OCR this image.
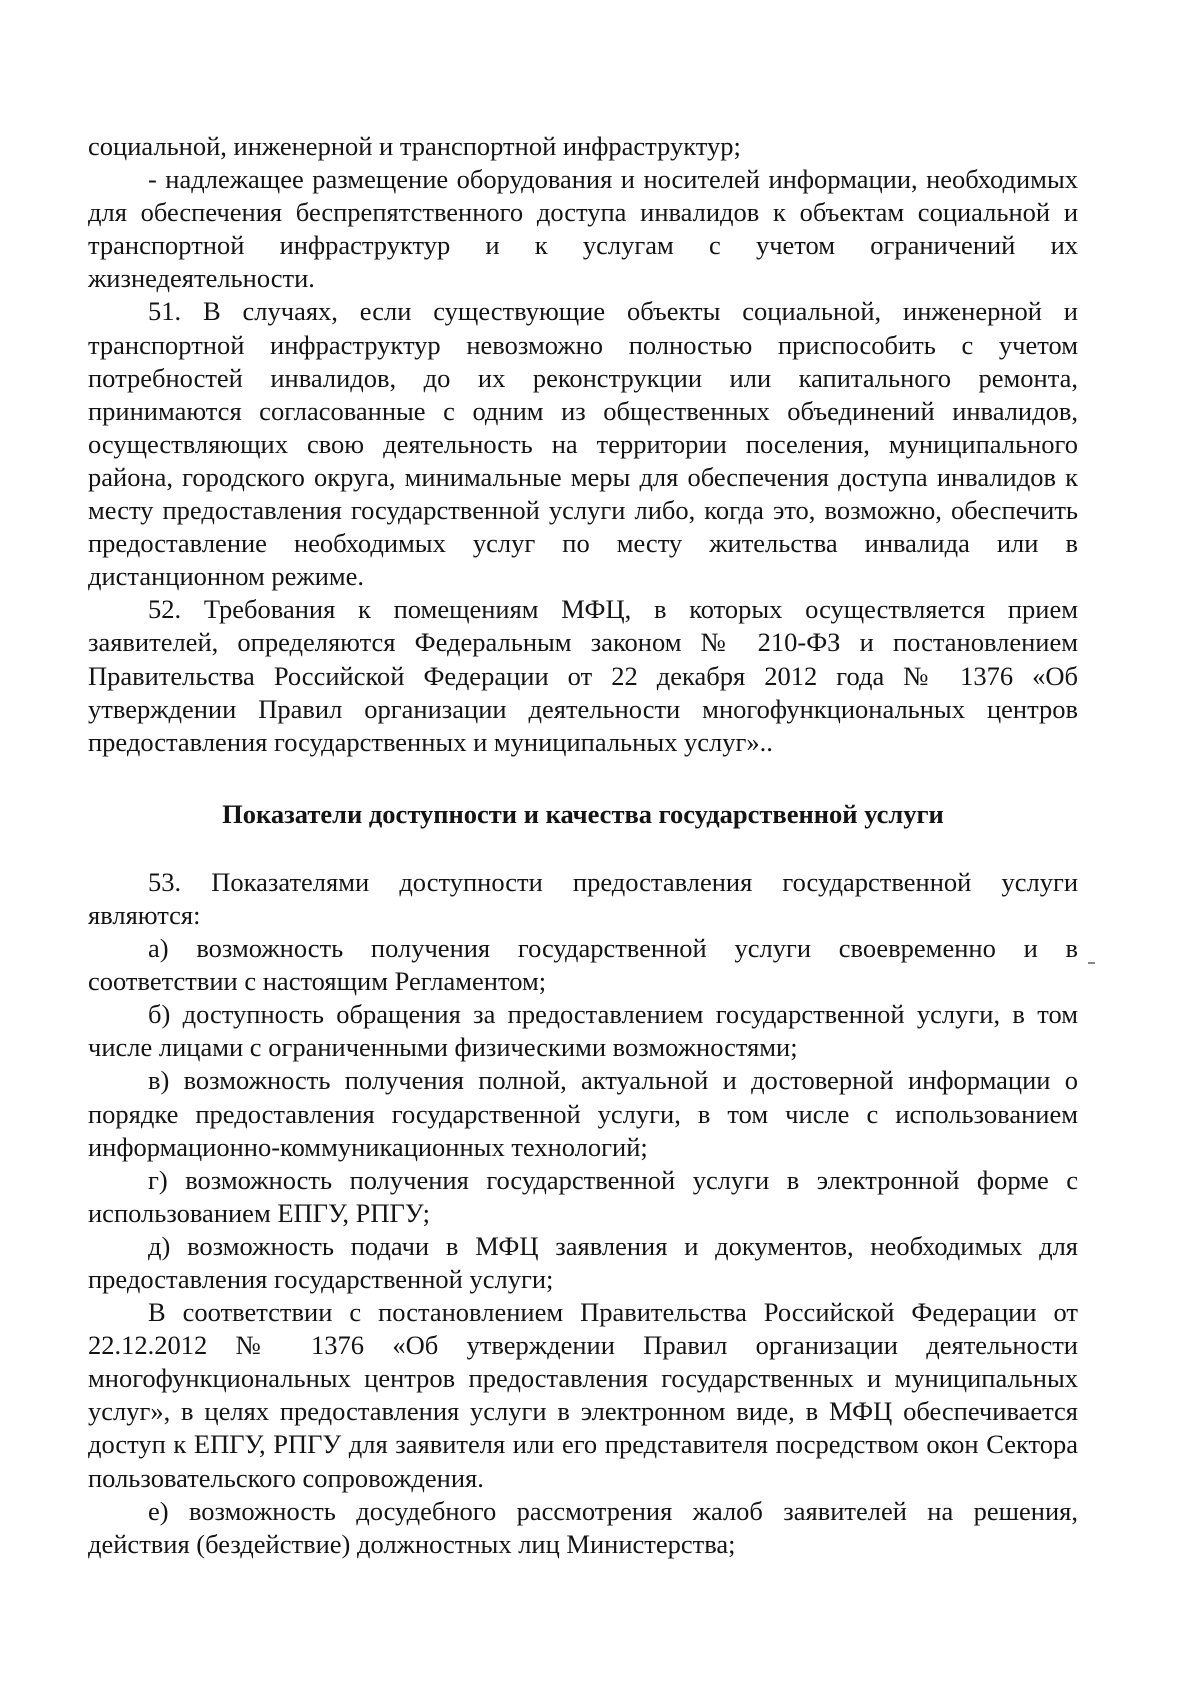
социальной, инженерной и транспортной инфраструктур;

- надлежащее размещение оборудования и носителей информации, необходимых для обеспечения беспрепятственного доступа инвалидов к объектам социальной и транспортной инфраструктур и к услугам с учетом ограничений их жизнедеятельности.

51. В случаях, если существующие объекты социальной, инженерной и транспортной инфраструктур невозможно полностью приспособить с учетом потребностей инвалидов, до их реконструкции или капитального ремонта, принимаются согласованные с одним из общественных объединений инвалидов, осуществляющих свою деятельность на территории поселения, муниципального района, городского округа, минимальные меры для обеспечения доступа инвалидов к месту предоставления государственной услуги либо, когда это, возможно, обеспечить предоставление необходимых услуг по месту жительства инвалида или в дистанционном режиме.

52. Требования к помещениям МФЦ, в которых осуществляется прием заявителей, определяются Федеральным законом № 210-ФЗ и постановлением Правительства Российской Федерации от 22 декабря 2012 года № 1376 «Об утверждении Правил организации деятельности многофункциональных центров предоставления государственных и муниципальных услуг»..

Показатели доступности и качества государственной услуги

53. Показателями доступности предоставления государственной услуги являются:

а) возможность получения государственной услуги своевременно и в соответствии с настоящим Регламентом;

б) доступность обращения за предоставлением государственной услуги, в том числе лицами с ограниченными физическими возможностями;

в) возможность получения полной, актуальной и достоверной информации о порядке предоставления государственной услуги, в том числе с использованием информационно-коммуникационных технологий;

г) возможность получения государственной услуги в электронной форме с использованием ЕПГУ, РПГУ;

д) возможность подачи в МФЦ заявления и документов, необходимых для предоставления государственной услуги;

В соответствии с постановлением Правительства Российской Федерации от 22.12.2012 № 1376 «Об утверждении Правил организации деятельности многофункциональных центров предоставления государственных и муниципальных услуг», в целях предоставления услуги в электронном виде, в МФЦ обеспечивается доступ к ЕПГУ, РПГУ для заявителя или его представителя посредством окон Сектора пользовательского сопровождения.

е) возможность досудебного рассмотрения жалоб заявителей на решения, действия (бездействие) должностных лиц Министерства;
